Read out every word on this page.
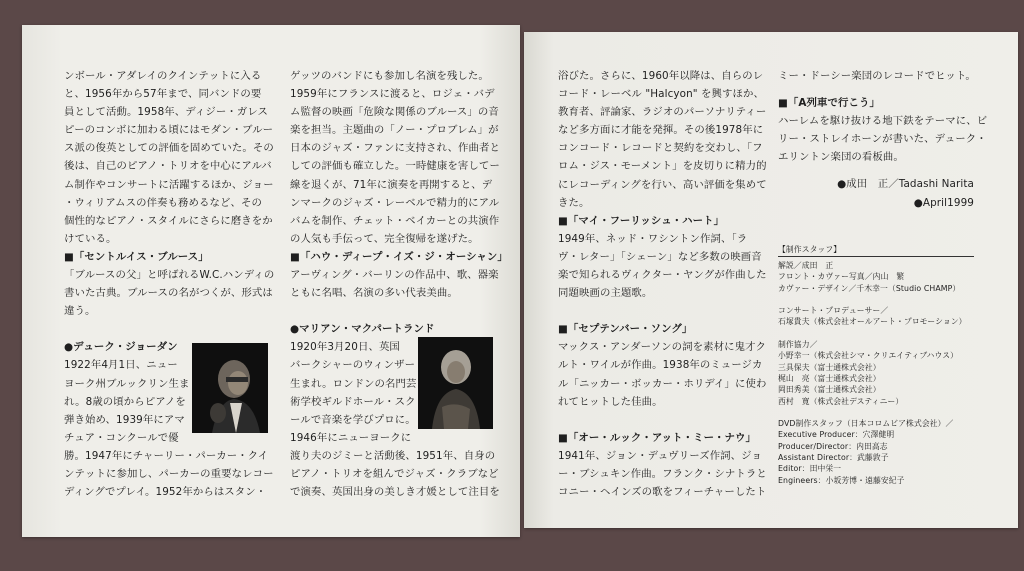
ンボール・アダレイのクインテットに入る

と、1956年から57年まで、同バンドの要

員として活動。1958年、ディジー・ガレス

ピーのコンボに加わる頃にはモダン・ブルー

ス派の俊英としての評価を固めていた。その

後は、自己のピアノ・トリオを中心にアルバ

ム制作やコンサートに活躍するほか、ジョー

・ウィリアムスの伴奏も務めるなど、その

個性的なピアノ・スタイルにさらに磨きをか

けている。

■「セントルイス・ブルース」

「ブルースの父」と呼ばれるW.C.ハンディの

書いた古典。ブルースの名がつくが、形式は

違う。

●デューク・ジョーダン

1922年4月1日、ニュー

ヨーク州ブルックリン生ま

れ。8歳の頃からピアノを

弾き始め、1939年にアマ

チュア・コンクールで優

勝。1947年にチャーリー・パーカー・クイ

ンテットに参加し、パーカーの重要なレコー

ディングでプレイ。1952年からはスタン・

ゲッツのバンドにも参加し名演を残した。

1959年にフランスに渡ると、ロジェ・バデ

ム監督の映画「危険な関係のブルース」の音

楽を担当。主題曲の「ノー・プロブレム」が

日本のジャズ・ファンに支持され、作曲者と

しての評価も確立した。一時健康を害してー

線を退くが、71年に演奏を再開すると、デ

ンマークのジャズ・レーベルで精力的にアル

バムを制作、チェット・ベイカーとの共演作

の人気も手伝って、完全復帰を遂げた。

■「ハウ・ディープ・イズ・ジ・オーシャン」

アーヴィング・バーリンの作品中、歌、器楽

ともに名唱、名演の多い代表美曲。

●マリアン・マクパートランド

1920年3月20日、英国

バークシャーのウィンザー

生まれ。ロンドンの名門芸

術学校ギルドホール・スク

ールで音楽を学びプロに。

1946年にニューヨークに

渡り夫のジミーと活動後、1951年、自身の

ピアノ・トリオを組んでジャズ・クラブなど

で演奏、英国出身の美しき才媛として注目を

浴びた。さらに、1960年以降は、自らのレ

コード・レーベル "Halcyon" を興すほか、

教育者、評論家、ラジオのパーソナリティー

など多方面に才能を発揮。その後1978年に

コンコード・レコードと契約を交わし、「フ

ロム・ジス・モーメント」を皮切りに精力的

にレコーディングを行い、高い評価を集めて

きた。

■「マイ・フーリッシュ・ハート」

1949年、ネッド・ワシントン作詞、「ラ

ヴ・レター」「シェーン」など多数の映画音

楽で知られるヴィクター・ヤングが作曲した

同題映画の主題歌。

■「セプテンバー・ソング」

マックス・アンダーソンの詞を素材に鬼才ク

ルト・ワイルが作曲。1938年のミュージカ

ル「ニッカー・ボッカー・ホリデイ」に使わ

れてヒットした佳曲。

■「オー・ルック・アット・ミー・ナウ」

1941年、ジョン・デュヴリーズ作詞、ジョ

ー・ブシュキン作曲。フランク・シナトラと

コニー・ヘインズの歌をフィーチャーしたト

ミー・ドーシー楽団のレコードでヒット。

■「A列車で行こう」

ハーレムを駆け抜ける地下鉄をテーマに、ビ

リー・ストレイホーンが書いた、デューク・

エリントン楽団の看板曲。

●成田　正／Tadashi Narita

●April1999

【制作スタッフ】

解説／成田　正

フロント・カヴァー写真／内山　繁

カヴァー・デザイン／千木幸一（Studio CHAMP）

コンサート・プロデューサー／

石塚貴夫（株式会社オールアート・プロモーション）

制作協力／

小野幸一（株式会社シマ・クリエイティブハウス）

三具保夫（富士通株式会社）

梶山　亮（富士通株式会社）

岡田秀美（富士通株式会社）

西村　寛（株式会社デスティニー）

DVD制作スタッフ（日本コロムビア株式会社）／

Executive Producer：穴澤健明

Producer/Director：内田高志

Assistant Director：武藤敦子

Editor：田中栄一

Engineers：小坂芳博・遠藤安紀子
